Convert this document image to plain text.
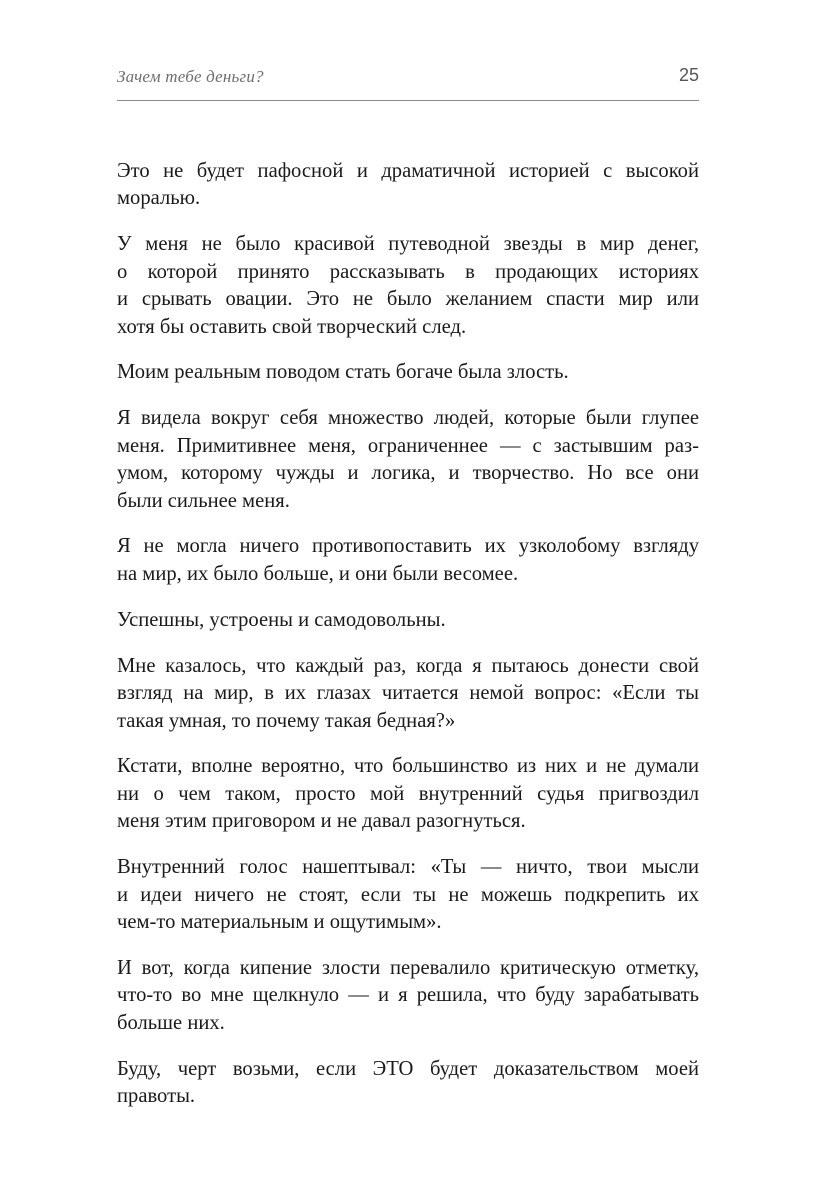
Зачем тебе деньги?	25

Это не будет пафосной и драматичной историей с высокой
моралью.

У меня не было красивой путеводной звезды в мир денег,
о которой принято рассказывать в продающих историях
и срывать овации. Это не было желанием спасти мир или
хотя бы оставить свой творческий след.

Моим реальным поводом стать богаче была злость.

Я видела вокруг себя множество людей, которые были глупее
меня. Примитивнее меня, ограниченнее — с застывшим раз-
умом, которому чужды и логика, и творчество. Но все они
были сильнее меня.

Я не могла ничего противопоставить их узколобому взгляду
на мир, их было больше, и они были весомее.

Успешны, устроены и самодовольны.

Мне казалось, что каждый раз, когда я пытаюсь донести свой
взгляд на мир, в их глазах читается немой вопрос: «Если ты
такая умная, то почему такая бедная?»

Кстати, вполне вероятно, что большинство из них и не думали
ни о чем таком, просто мой внутренний судья пригвоздил
меня этим приговором и не давал разогнуться.

Внутренний голос нашептывал: «Ты — ничто, твои мысли
и идеи ничего не стоят, если ты не можешь подкрепить их
чем-то материальным и ощутимым».

И вот, когда кипение злости перевалило критическую отметку,
что-то во мне щелкнуло — и я решила, что буду зарабатывать
больше них.

Буду, черт возьми, если ЭТО будет доказательством моей
правоты.
